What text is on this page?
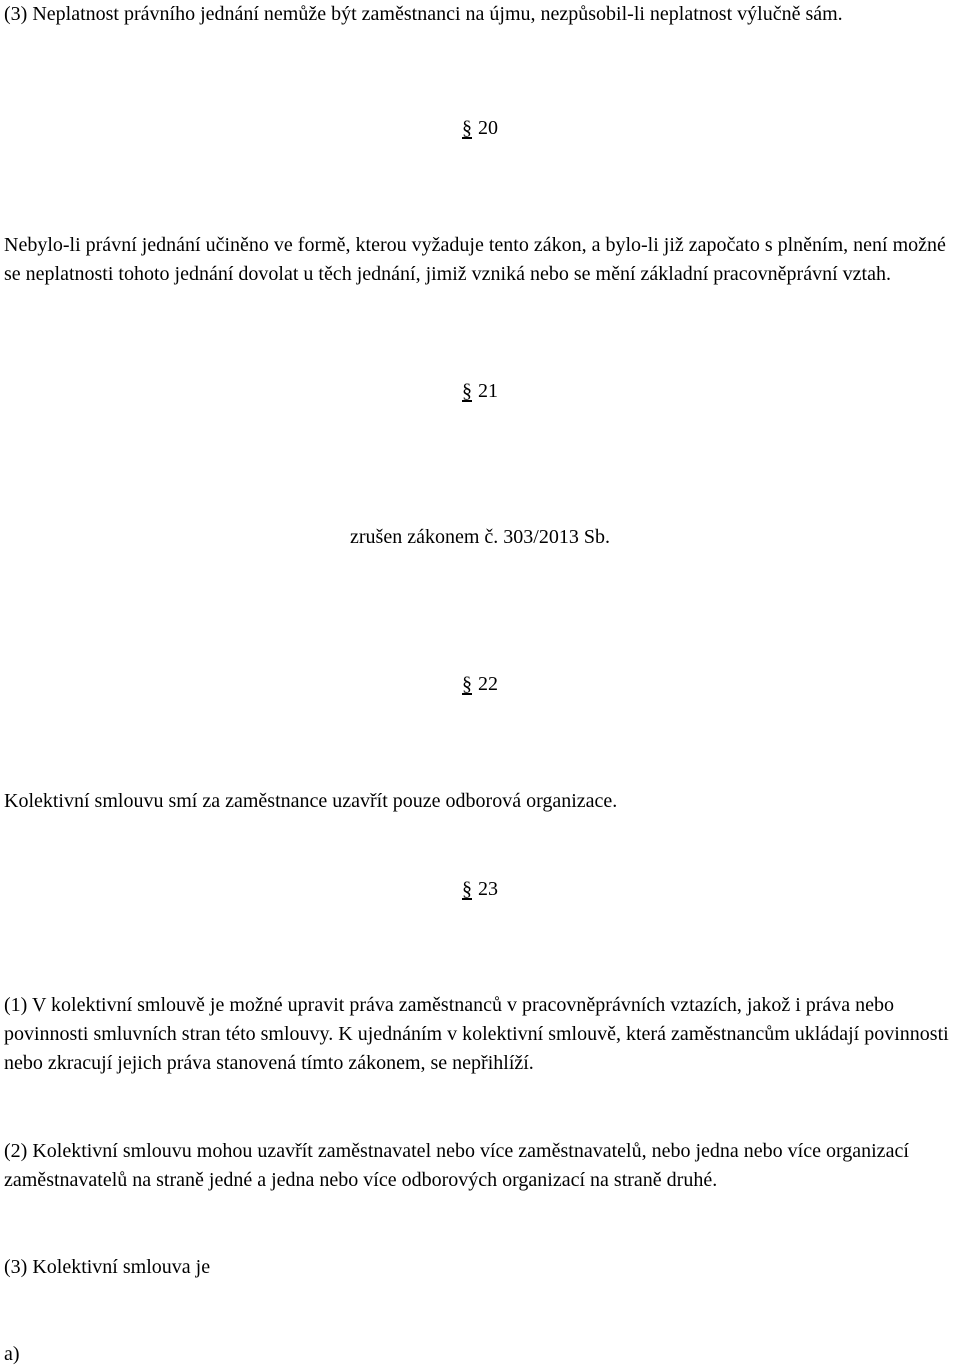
(3) Neplatnost právního jednání nemůže být zaměstnanci na újmu, nezpůsobil-li neplatnost výlučně sám.

§ 20

Nebylo-li právní jednání učiněno ve formě, kterou vyžaduje tento zákon, a bylo-li již započato s plněním, není možné se neplatnosti tohoto jednání dovolat u těch jednání, jimiž vzniká nebo se mění základní pracovněprávní vztah.

§ 21

zrušen zákonem č. 303/2013 Sb.

§ 22

Kolektivní smlouvu smí za zaměstnance uzavřít pouze odborová organizace.

§ 23

(1) V kolektivní smlouvě je možné upravit práva zaměstnanců v pracovněprávních vztazích, jakož i práva nebo povinnosti smluvních stran této smlouvy. K ujednáním v kolektivní smlouvě, která zaměstnancům ukládají povinnosti nebo zkracují jejich práva stanovená tímto zákonem, se nepřihlíží.

(2) Kolektivní smlouvu mohou uzavřít zaměstnavatel nebo více zaměstnavatelů, nebo jedna nebo více organizací zaměstnavatelů na straně jedné a jedna nebo více odborových organizací na straně druhé.

(3) Kolektivní smlouva je

a)
